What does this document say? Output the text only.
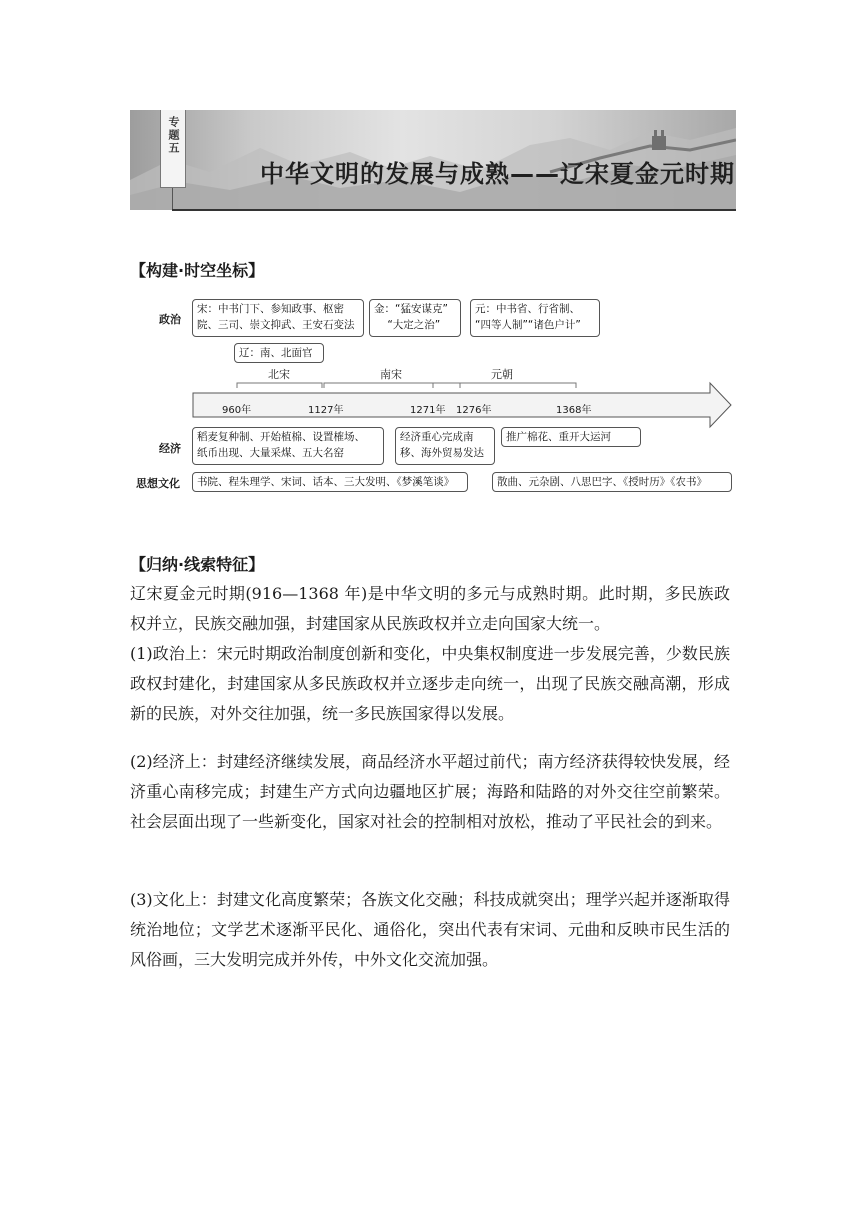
专题五
中华文明的发展与成熟——辽宋夏金元时期
【构建·时空坐标】
政治
经济
思想文化
宋：中书门下、参知政事、枢密
院、三司、崇文抑武、王安石变法
金：“猛安谋克”
“大定之治”
元：中书省、行省制、
“四等人制”“诸色户计”
辽：南、北面官
北宋	南宋	元朝
960年	1127年	1271年 1276年	1368年
稻麦复种制、开始植棉、设置榷场、
纸币出现、大量采煤、五大名窑
经济重心完成南
移、海外贸易发达
推广棉花、重开大运河
书院、程朱理学、宋词、话本、三大发明、《梦溪笔谈》	散曲、元杂剧、八思巴字、《授时历》《农书》
【归纳·线索特征】
辽宋夏金元时期(916—1368 年)是中华文明的多元与成熟时期。此时期，多民族政权并立，民族交融加强，封建国家从民族政权并立走向国家大统一。
(1)政治上：宋元时期政治制度创新和变化，中央集权制度进一步发展完善，少数民族政权封建化，封建国家从多民族政权并立逐步走向统一，出现了民族交融高潮，形成新的民族，对外交往加强，统一多民族国家得以发展。
(2)经济上：封建经济继续发展，商品经济水平超过前代；南方经济获得较快发展，经济重心南移完成；封建生产方式向边疆地区扩展；海路和陆路的对外交往空前繁荣。社会层面出现了一些新变化，国家对社会的控制相对放松，推动了平民社会的到来。
(3)文化上：封建文化高度繁荣；各族文化交融；科技成就突出；理学兴起并逐渐取得统治地位；文学艺术逐渐平民化、通俗化，突出代表有宋词、元曲和反映市民生活的风俗画，三大发明完成并外传，中外文化交流加强。
